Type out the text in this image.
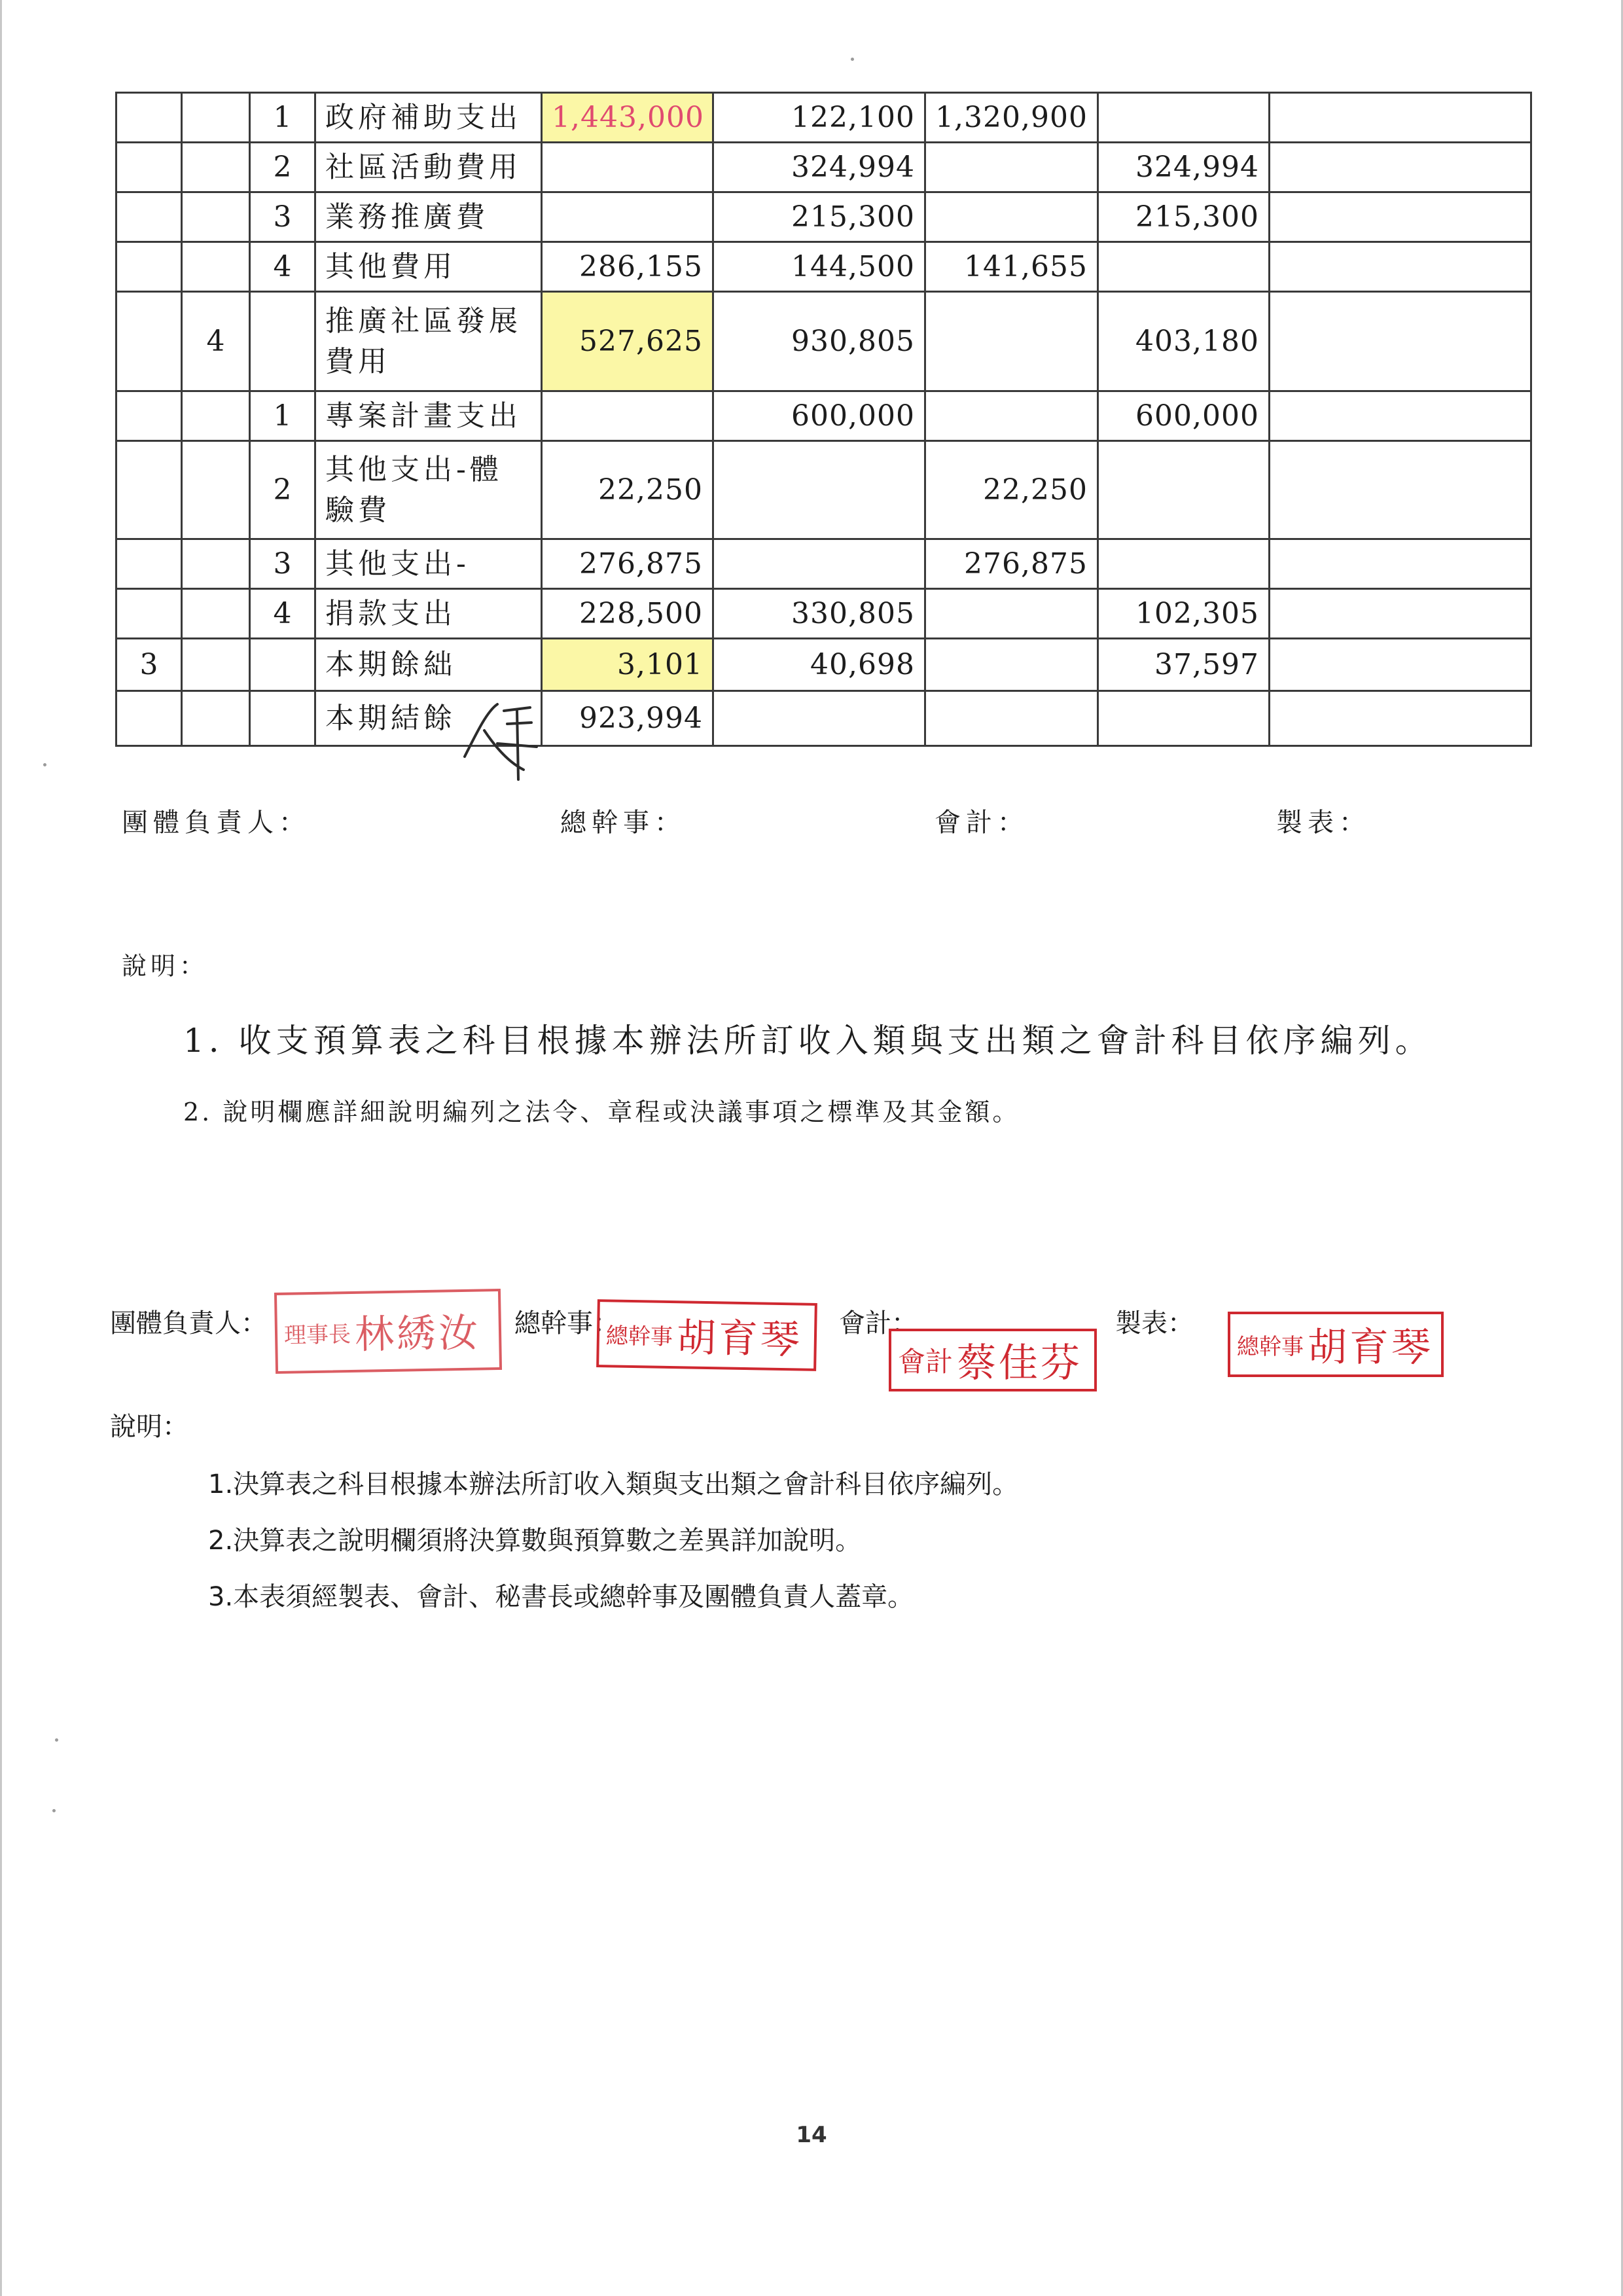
		1	政府補助支出	1,443,000	122,100	1,320,900		
		2	社區活動費用		324,994		324,994	
		3	業務推廣費		215,300		215,300	
		4	其他費用	286,155	144,500	141,655		
	4		推廣社區發展費用	527,625	930,805		403,180	
		1	專案計畫支出		600,000		600,000	
		2	其他支出-體驗費	22,250		22,250		
		3	其他支出-	276,875		276,875		
		4	捐款支出	228,500	330,805		102,305	
3			本期餘絀	3,101	40,698		37,597	
			本期結餘	923,994				
團體負責人：	總幹事：	會計：	製表：
說明：
1. 收支預算表之科目根據本辦法所訂收入類與支出類之會計科目依序編列。
2. 說明欄應詳細說明編列之法令、章程或決議事項之標準及其金額。
團體負責人：	總幹事：	會計：	製表：
理事長 林綉汝	總幹事 胡育琴	會計 蔡佳芬	總幹事 胡育琴
說明：
1.決算表之科目根據本辦法所訂收入類與支出類之會計科目依序編列。
2.決算表之說明欄須將決算數與預算數之差異詳加說明。
3.本表須經製表、會計、秘書長或總幹事及團體負責人蓋章。
14
